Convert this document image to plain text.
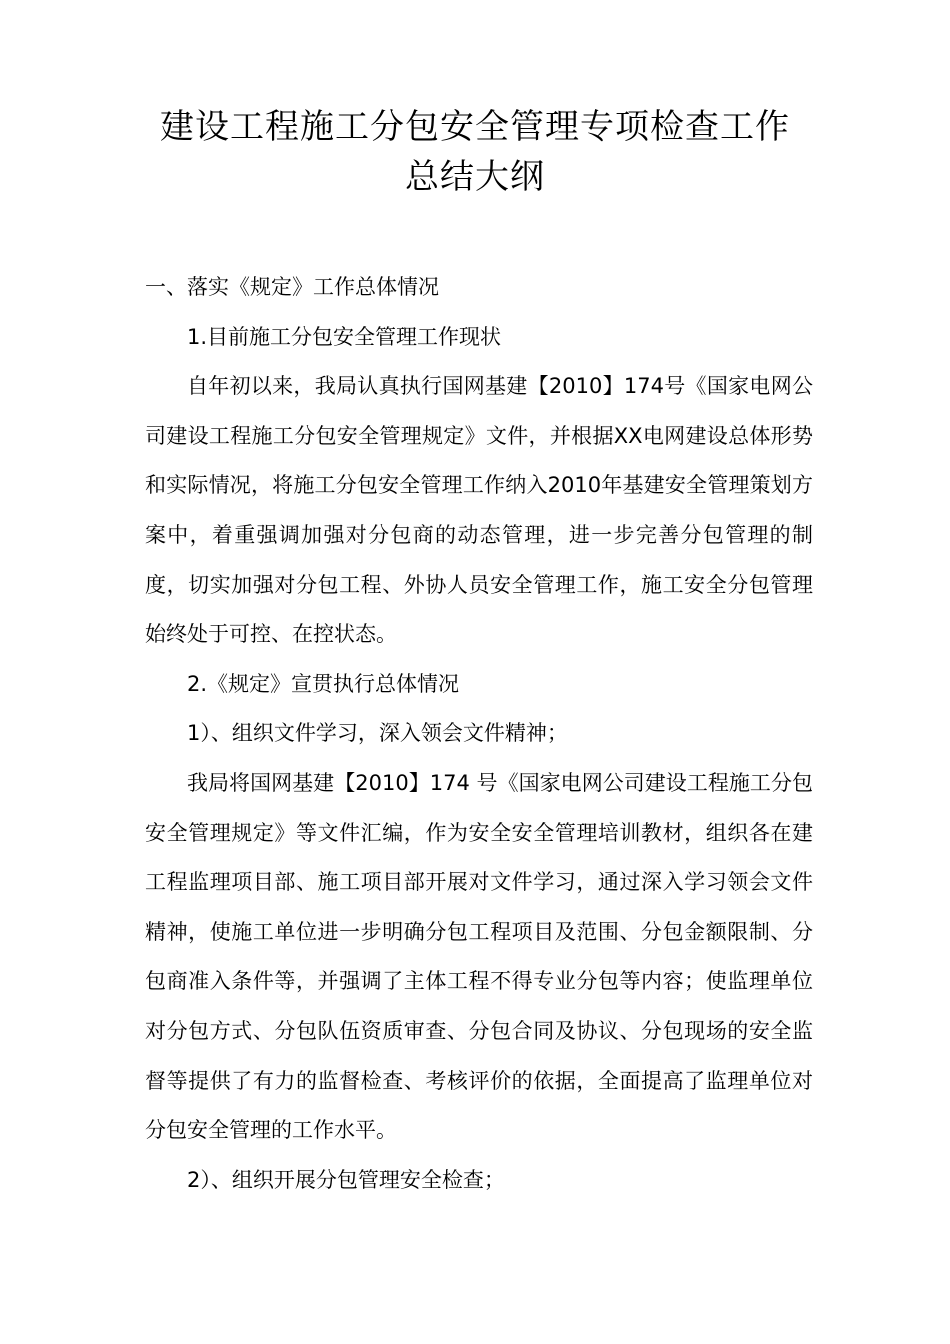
建设工程施工分包安全管理专项检查工作
总结大纲

一、落实《规定》工作总体情况

1.目前施工分包安全管理工作现状

自年初以来，我局认真执行国网基建【2010】174号《国家电网公司建设工程施工分包安全管理规定》文件，并根据XX电网建设总体形势和实际情况，将施工分包安全管理工作纳入2010年基建安全管理策划方案中，着重强调加强对分包商的动态管理，进一步完善分包管理的制度，切实加强对分包工程、外协人员安全管理工作，施工安全分包管理始终处于可控、在控状态。

2.《规定》宣贯执行总体情况

1）、组织文件学习，深入领会文件精神；

我局将国网基建【2010】174 号《国家电网公司建设工程施工分包安全管理规定》等文件汇编，作为安全安全管理培训教材，组织各在建工程监理项目部、施工项目部开展对文件学习，通过深入学习领会文件精神，使施工单位进一步明确分包工程项目及范围、分包金额限制、分包商准入条件等，并强调了主体工程不得专业分包等内容；使监理单位对分包方式、分包队伍资质审查、分包合同及协议、分包现场的安全监督等提供了有力的监督检查、考核评价的依据，全面提高了监理单位对分包安全管理的工作水平。

2）、组织开展分包管理安全检查；
